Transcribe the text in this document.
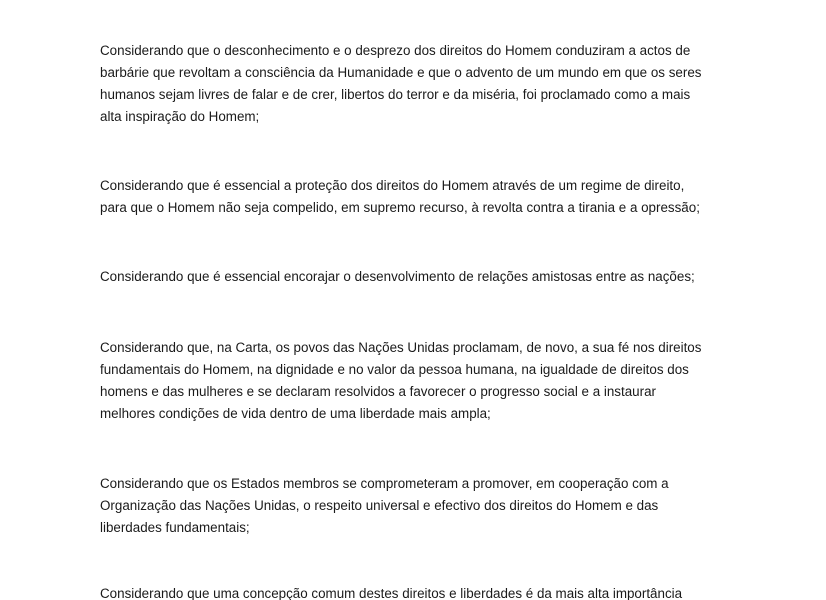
Considerando que o desconhecimento e o desprezo dos direitos do Homem conduziram a actos de
barbárie que revoltam a consciência da Humanidade e que o advento de um mundo em que os seres
humanos sejam livres de falar e de crer, libertos do terror e da miséria, foi proclamado como a mais
alta inspiração do Homem;

Considerando que é essencial a proteção dos direitos do Homem através de um regime de direito,
para que o Homem não seja compelido, em supremo recurso, à revolta contra a tirania e a opressão;

Considerando que é essencial encorajar o desenvolvimento de relações amistosas entre as nações;

Considerando que, na Carta, os povos das Nações Unidas proclamam, de novo, a sua fé nos direitos
fundamentais do Homem, na dignidade e no valor da pessoa humana, na igualdade de direitos dos
homens e das mulheres e se declaram resolvidos a favorecer o progresso social e a instaurar
melhores condições de vida dentro de uma liberdade mais ampla;

Considerando que os Estados membros se comprometeram a promover, em cooperação com a
Organização das Nações Unidas, o respeito universal e efectivo dos direitos do Homem e das
liberdades fundamentais;

Considerando que uma concepção comum destes direitos e liberdades é da mais alta importância
